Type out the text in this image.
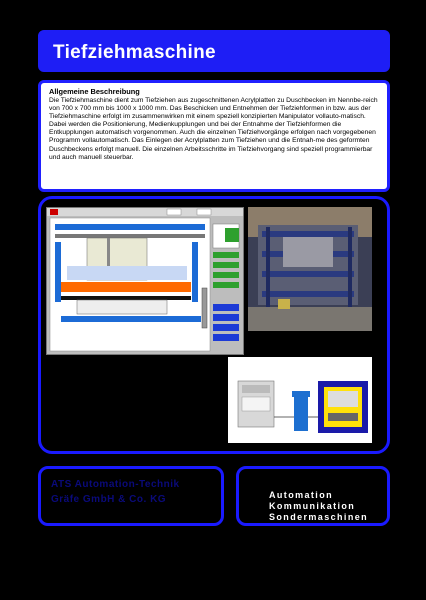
Tiefziehmaschine
Allgemeine Beschreibung
Die Tiefziehmaschine dient zum Tiefziehen aus zugeschnittenen Acrylplatten zu Duschbecken im Nennbe-reich von 700 x 700 mm bis 1000 x 1000 mm. Das Beschicken und Entnehmen der Tiefziehformen in bzw. aus der Tiefziehmaschine erfolgt im zusammenwirken mit einem speziell konzipierten Manipulator vollauto-matisch. Dabei werden die Positionierung, Medienkupplungen und bei der Entnahme der Tiefziehformen die Entkupplungen automatisch vorgenommen. Auch die einzelnen Tiefziehvorgänge erfolgen nach vorgegebenen Programm vollautomatisch. Das Einlegen der Acrylplatten zum Tiefziehen und die Entnah-me des geformten Duschbeckens erfolgt manuell. Die einzelnen Arbeitsschritte im Tiefziehvorgang sind speziell programmierbar und auch manuell steuerbar.
ATS Automation-Technik
Gräfe GmbH & Co. KG	Automation
Kommunikation
Sondermaschinen
